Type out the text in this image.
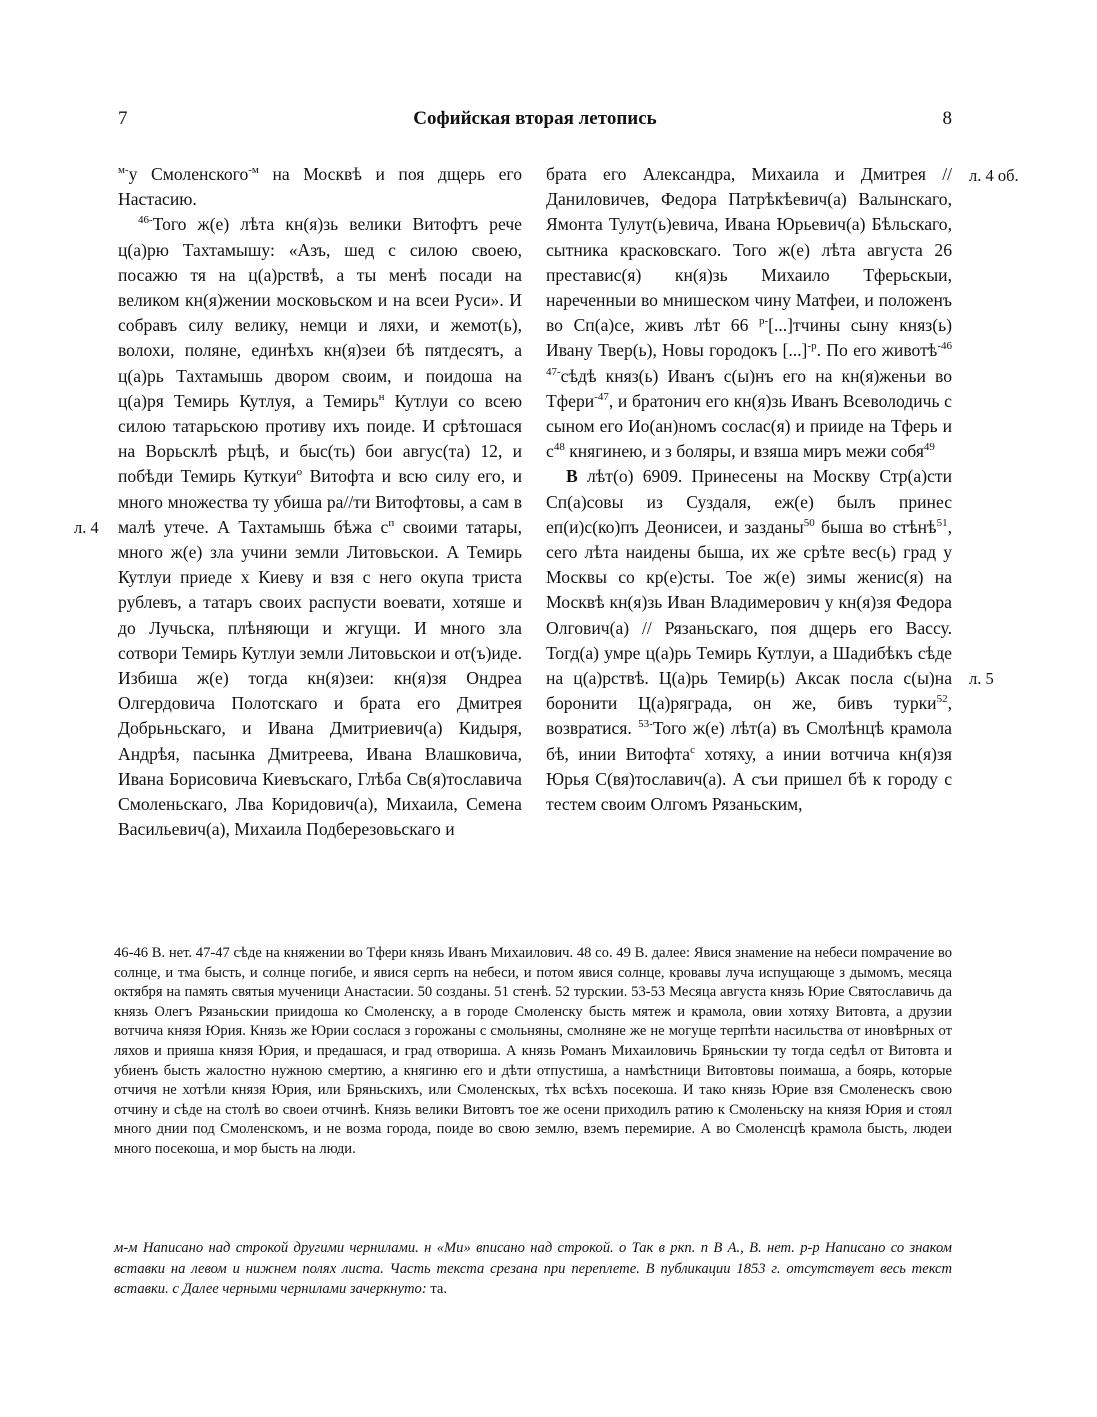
7	Софийская вторая летопись	8
л. 4
л. 4 об.
л. 5

$^{м-}$у Смоленского$^{-м}$ на Москвѣ и поя дщерь его Настасию.

$^{46-}$Того ж(е) лѣта кн(я)зь велики Витофтъ рече ц(а)рю Тахтамышу: «Азъ, шед с силою своею, посажю тя на ц(а)рствѣ, а ты менѣ посади на великом кн(я)жении московьском и на всеи Руси». И собравъ силу велику, немци и ляхи, и жемот(ь), волохи, поляне, единѣхъ кн(я)зеи бѣ пятдесятъ, а ц(а)рь Тахтамышь двором своим, и поидоша на ц(а)ря Темирь Кутлуя, а Темирь$^н$ Кутлуи со всею силою татарьскою противу ихъ поиде. И срѣтошася на Ворьсклѣ рѣцѣ, и быс(ть) бои авгус(та) 12, и побѣди Темирь Куткуи$^о$ Витофта и всю силу его, и много множества ту убиша ра//ти Витофтовы, а сам в малѣ утече. А Тахтамышь бѣжа $с^п$ своими татары, много ж(е) зла учини земли Литовьскои. А Темирь Кутлуи приеде х Киеву и взя с него окупа триста рублевъ, а татаръ своих распусти воевати, хотяше и до Лучьска, плѣняющи и жгущи. И много зла сотвори Темирь Кутлуи земли Литовьскои и от(ъ)иде. Избиша ж(е) тогда кн(я)зеи: кн(я)зя Ондреа Олгердовича Полотскаго и брата его Дмитрея Добрьньскаго, и Ивана Дмитриевич(а) Кидыря, Андрѣя, пасынка Дмитреева, Ивана Влашковича, Ивана Борисовича Киевъскаго, Глѣба Св(я)тославича Смоленьскаго, Лва Коридович(а), Михаила, Семена Васильевич(а), Михаила Подберезовьскаго и

брата его Александра, Михаила и Дмитрея // Даниловичев, Федора Патрѣкѣевич(а) Валынскаго, Ямонта Тулут(ь)евича, Ивана Юрьевич(а) Бѣльскаго, сытника красковскаго. Того ж(е) лѣта августа 26 преставис(я) кн(я)зь Михаило Тферьскыи, нареченныи во мнишеском чину Матфеи, и положенъ во Сп(а)се, живъ лѣт 66 $^{р-}$[...]тчины сыну княз(ь) Ивану Твер(ь), Новы городокъ [...]$^{-р}$. По его животѣ$^{-46}$ $^{47-}$сѣдѣ княз(ь) Иванъ с(ы)нъ его на кн(я)женьи во Тфери$^{-47}$, и братонич его кн(я)зь Иванъ Всеволодичь с сыном его Ио(ан)номъ сослас(я) и прииде на Тферь и $с^{48}$ княгинею, и з боляры, и взяша миръ межи собя$^{49}$

В лѣт(о) 6909. Принесены на Москву Стр(а)сти Сп(а)совы из Суздаля, еж(е) былъ принес еп(и)с(ко)пъ Деонисеи, и зазданы$^{50}$ быша во стѣнѣ$^{51}$, сего лѣта наидены быша, их же срѣте вес(ь) град у Москвы со кр(е)сты. Тое ж(е) зимы женис(я) на Москвѣ кн(я)зь Иван Владимерович у кн(я)зя Федора Олгович(а) // Рязаньскаго, поя дщерь его Вассу. Тогд(а) умре ц(а)рь Темирь Кутлуи, а Шадибѣкъ сѣде на ц(а)рствѣ. Ц(а)рь Темир(ь) Аксак посла с(ы)на боронити Ц(а)ряграда, он же, бивъ турки$^{52}$, возвратися. $^{53-}$Того ж(е) лѣт(а) въ Смолѣнцѣ крамола бѣ, инии Витофта$^с$ хотяху, а инии вотчича кн(я)зя Юрья С(вя)тославич(а). А съи пришел бѣ к городу с тестем своим Олгомъ Рязаньским,

46-46 В. нет. 47-47 сѣде на княжении во Тфери князь Иванъ Михаилович. 48 со. 49 В. далее: Явися знамение на небеси помрачение во солнце, и тма бысть, и солнце погибе, и явися серпъ на небеси, и потом явися солнце, кровавы луча испущающе з дымомъ, месяца октября на память святыя мученици Анастасии. 50 созданы. 51 стенѣ. 52 турскии. 53-53 Месяца августа князь Юрие Святославичь да князь Олегъ Рязаньскии приидоша ко Смоленску, а в городе Смоленску бысть мятеж и крамола, овии хотяху Витовта, а друзии вотчича князя Юрия. Князь же Юрии сослася з горожаны с смольняны, смолняне же не могуще терпѣти насильства от иновѣрных от ляхов и прияша князя Юрия, и предашася, и град отвориша. А князь Романъ Михаиловичь Бряньскии ту тогда седѣл от Витовта и убиенъ бысть жалостно нужною смертию, а княгиню его и дѣти отпустиша, а намѣстници Витовтовы поимаша, а боярь, которые отчичя не хотѣли князя Юрия, или Бряньскихъ, или Смоленскых, тѣх всѣхъ посекоша. И тако князь Юрие взя Смоленескъ свою отчину и сѣде на столѣ во своеи отчинѣ. Князь велики Витовтъ тое же осени приходилъ ратию к Смоленьску на князя Юрия и стоял много днии под Смоленскомъ, и не возма города, поиде во свою землю, вземъ перемирие. А во Смоленсцѣ крамола бысть, людеи много посекоша, и мор бысть на люди.

м-м Написано над строкой другими чернилами. н «Ми» вписано над строкой. о Так в ркп. п В А., В. нет. р-р Написано со знаком вставки на левом и нижнем полях листа. Часть текста срезана при переплете. В публикации 1853 г. отсутствует весь текст вставки. с Далее черными чернилами зачеркнуто: та.
